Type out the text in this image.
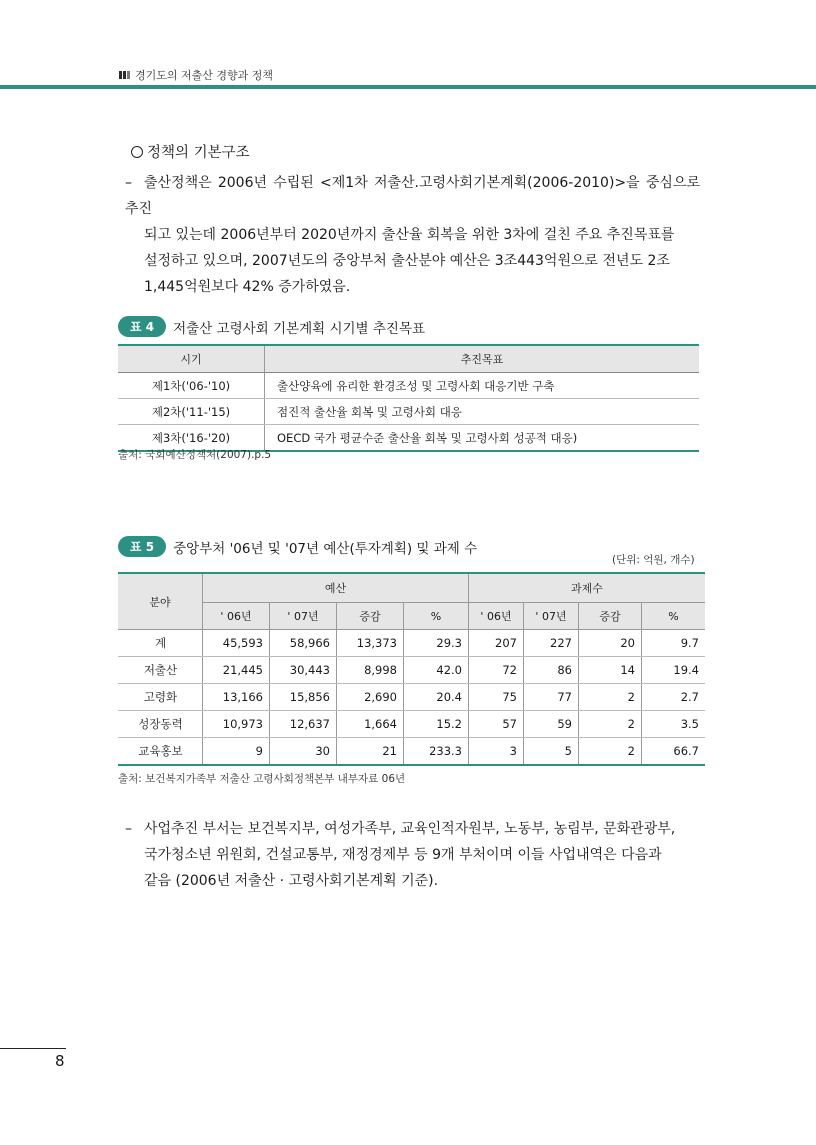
경기도의 저출산 경향과 정책
정책의 기본구조
– 출산정책은 2006년 수립된 <제1차 저출산.고령사회기본계획(2006-2010)>을 중심으로 추진
되고 있는데 2006년부터 2020년까지 출산율 회복을 위한 3차에 걸친 주요 추진목표를
설정하고 있으며, 2007년도의 중앙부처 출산분야 예산은 3조443억원으로 전년도 2조
1,445억원보다 42% 증가하였음.
표 4	저출산 고령사회 기본계획 시기별 추진목표
시기	추진목표
제1차('06-'10)	출산양육에 유리한 환경조성 및 고령사회 대응기반 구축
제2차('11-'15)	점진적 출산율 회복 및 고령사회 대응
제3차('16-'20)	OECD 국가 평균수준 출산율 회복 및 고령사회 성공적 대응)
출처: 국회예산정책처(2007).p.5
표 5	중앙부처 '06년 및 '07년 예산(투자계획) 및 과제 수
(단위: 억원, 개수)
분야	예산				과제수			
	' 06년	' 07년	증감	%	' 06년	' 07년	증감	%
계	45,593	58,966	13,373	29.3	207	227	20	9.7
저출산	21,445	30,443	8,998	42.0	72	86	14	19.4
고령화	13,166	15,856	2,690	20.4	75	77	2	2.7
성장동력	10,973	12,637	1,664	15.2	57	59	2	3.5
교육홍보	9	30	21	233.3	3	5	2	66.7
출처: 보건복지가족부 저출산 고령사회정책본부 내부자료 06년
– 사업추진 부서는 보건복지부, 여성가족부, 교육인적자원부, 노동부, 농림부, 문화관광부,
국가청소년 위원회, 건설교통부, 재정경제부 등 9개 부처이며 이들 사업내역은 다음과
같음 (2006년 저출산 · 고령사회기본계획 기준).
8
